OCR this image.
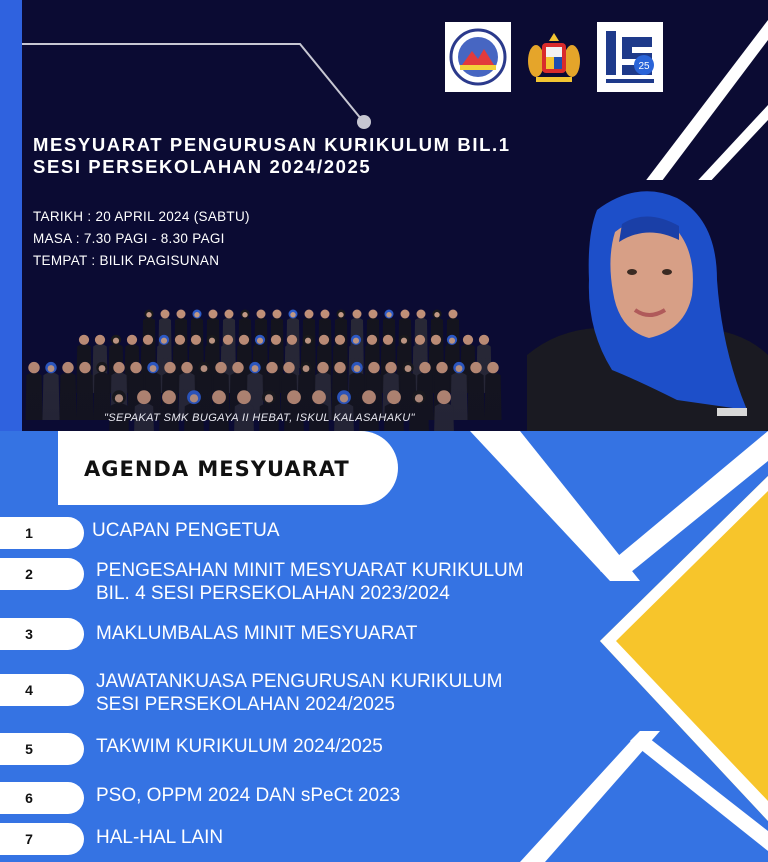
25
MESYUARAT PENGURUSAN KURIKULUM BIL.1
SESI PERSEKOLAHAN 2024/2025
TARIKH : 20 APRIL 2024 (SABTU)
MASA : 7.30 PAGI - 8.30 PAGI
TEMPAT : BILIK PAGISUNAN
"SEPAKAT SMK BUGAYA II HEBAT, ISKUL KALASAHAKU"
AGENDA MESYUARAT
1	UCAPAN PENGETUA
2	PENGESAHAN MINIT MESYUARAT KURIKULUM
BIL. 4 SESI PERSEKOLAHAN 2023/2024
3	MAKLUMBALAS MINIT MESYUARAT
4	JAWATANKUASA PENGURUSAN KURIKULUM
SESI PERSEKOLAHAN 2024/2025
5	TAKWIM KURIKULUM 2024/2025
6	PSO, OPPM 2024 DAN sPeCt 2023
7	HAL-HAL LAIN
